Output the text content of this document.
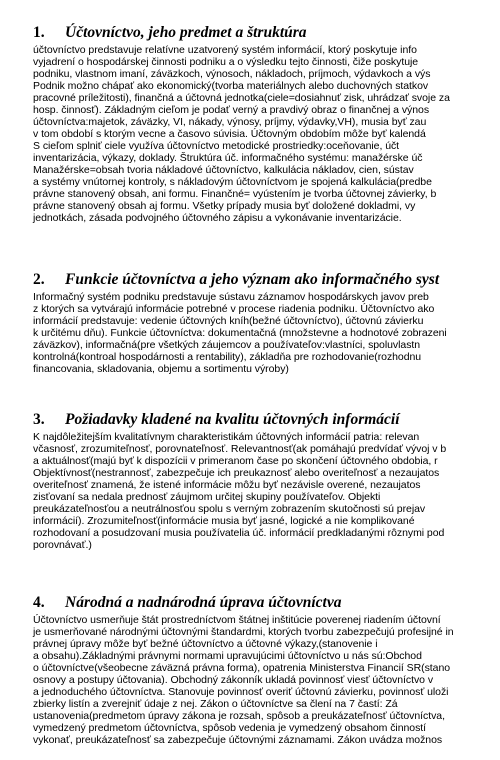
1. Účtovníctvo, jeho predmet a štruktúra
účtovníctvo predstavuje relatívne uzatvorený systém informácií, ktorý poskytuje info
vyjadrení o hospodárskej činnosti podniku a o výsledku tejto činnosti, čiže poskytuje
podniku, vlastnom imaní, záväzkoch, výnosoch, nákladoch, príjmoch, výdavkoch a výs
Podnik možno chápať ako ekonomický(tvorba materiálnych alebo duchovných statkov
pracovné príležitosti), finančná a účtovná jednotka(ciele=dosiahnuť zisk, uhrádzať svoje za
hosp. činnosť). Základným cieľom je podať verný a pravdivý obraz o finančnej a výnos
účtovníctva:majetok, záväzky, VI, nákady, výnosy, príjmy, výdavky,VH), musia byť zau
v tom období s ktorým vecne a časovo súvisia. Účtovným obdobím môže byť kalendá
S cieľom splniť ciele využíva účtovníctvo metodické prostriedky:oceňovanie, účt
inventarizácia, výkazy, doklady. Štruktúra úč. informačného systému: manažérske úč
Manažérske=obsah tvoria nákladové účtovníctvo, kalkulácia nákladov, cien, sústav
a systémy vnútornej kontroly, s nákladovým účtovníctvom je spojená kalkulácia(predbe
právne stanovený obsah, ani formu. Finančné= vyústením je tvorba účtovnej závierky, b
právne stanovený obsah aj formu. Všetky prípady musia byť doložené dokladmi, vy
jednotkách, zásada podvojného účtovného zápisu a vykonávanie inventarizácie.
2. Funkcie účtovníctva a jeho význam ako informačného syst
Informačný systém podniku predstavuje sústavu záznamov hospodárskych javov preb
z ktorých sa vytvárajú informácie potrebné v procese riadenia podniku. Účtovníctvo ako
informácií predstavuje: vedenie účtovných kníh(bežné účtovníctvo), účtovnú závierku
k určitému dňu). Funkcie účtovníctva: dokumentačná (množstevne a hodnotové zobrazeni
záväzkov), informačná(pre všetkých záujemcov a používateľov:vlastníci, spoluvlastn
kontrolná(kontroal hospodárnosti a rentability), základňa pre rozhodovanie(rozhodnu
financovania, skladovania, objemu a sortimentu výroby)
3. Požiadavky kladené na kvalitu účtovných informácií
K najdôležitejším kvalitatívnym charakteristikám účtovných informácií patria: relevan
včasnosť, zrozumiteľnosť, porovnateľnosť. Relevantnosť(ak pomáhajú predvídať vývoj v b
a aktuálnosť(majú byť k dispozícii v primeranom čase po skončení účtovného obdobia, r
Objektívnosť(nestrannosť, zabezpečuje ich preukaznosť alebo overiteľnosť a nezaujatos
overiteľnosť znamená, že istené informácie môžu byť nezávisle overené, nezaujatos
zisťovaní sa nedala prednosť záujmom určitej skupiny používateľov. Objekti
preukázateľnosťou a neutrálnosťou spolu s verným zobrazením skutočnosti sú prejav
informácií). Zrozumiteľnosť(informácie musia byť jasné, logické a nie komplikované
rozhodovaní a posudzovaní musia používatelia úč. informácií predkladanými rôznymi pod
porovnávať.)
4. Národná a nadnárodná úprava účtovníctva
Účtovníctvo usmerňuje štát prostredníctvom štátnej inštitúcie poverenej riadením účtovní
je usmerňované národnými účtovnými štandardmi, ktorých tvorbu zabezpečujú profesijné in
právnej úpravy môže byť bežné účtovníctvo a účtovné výkazy,(stanovenie i
a obsahu).Základnými právnymi normami upravujúcimi účtovníctvo u nás sú:Obchod
o účtovníctve(všeobecne záväzná právna forma), opatrenia Ministerstva Financií SR(stano
osnovy a postupy účtovania). Obchodný zákonník ukladá povinnosť viesť účtovníctvo v
a jednoduchého účtovníctva. Stanovuje povinnosť overiť účtovnú závierku, povinnosť uloži
zbierky listín a zverejniť údaje z nej. Zákon o účtovníctve sa člení na 7 častí: Zá
ustanovenia(predmetom úpravy zákona je rozsah, spôsob a preukázateľnosť účtovníctva,
vymedzený predmetom účtovníctva, spôsob vedenia je vymedzený obsahom činností
vykonať, preukázateľnosť sa zabezpečuje účtovnými záznamami. Zákon uvádza možnos
